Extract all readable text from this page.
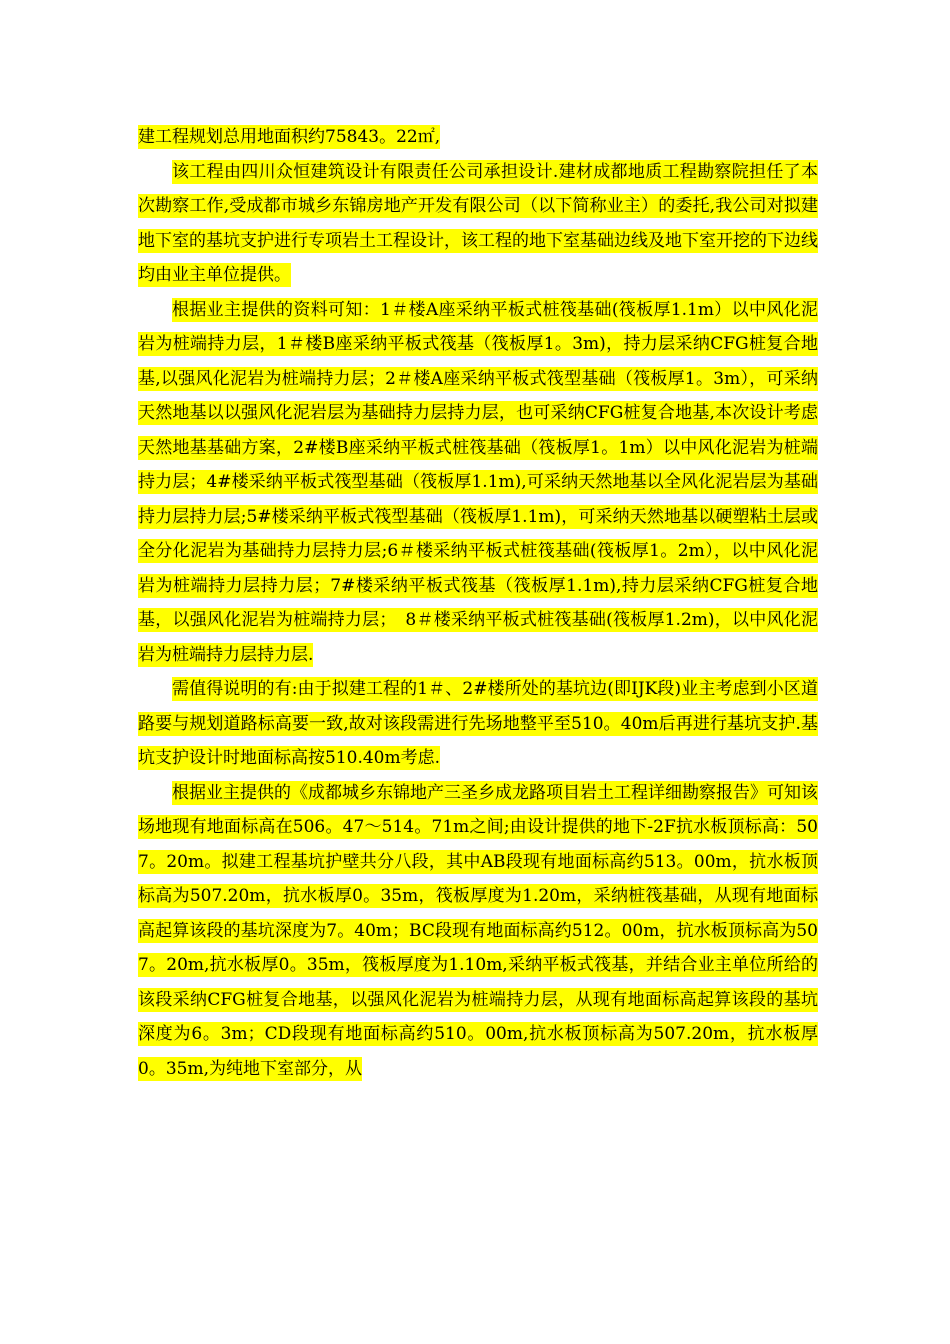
建工程规划总用地面积约75843。22㎡,

该工程由四川众恒建筑设计有限责任公司承担设计.建材成都地质工程勘察院担任了本次勘察工作,受成都市城乡东锦房地产开发有限公司（以下简称业主）的委托,我公司对拟建地下室的基坑支护进行专项岩土工程设计，该工程的地下室基础边线及地下室开挖的下边线均由业主单位提供。

根据业主提供的资料可知：1＃楼A座采纳平板式桩筏基础(筏板厚1.1m）以中风化泥岩为桩端持力层，1＃楼B座采纳平板式筏基（筏板厚1。3m)，持力层采纳CFG桩复合地基,以强风化泥岩为桩端持力层；2＃楼A座采纳平板式筏型基础（筏板厚1。3m），可采纳天然地基以以强风化泥岩层为基础持力层持力层，也可采纳CFG桩复合地基,本次设计考虑天然地基基础方案，2#楼B座采纳平板式桩筏基础（筏板厚1。1m）以中风化泥岩为桩端持力层；4#楼采纳平板式筏型基础（筏板厚1.1m),可采纳天然地基以全风化泥岩层为基础持力层持力层;5#楼采纳平板式筏型基础（筏板厚1.1m)，可采纳天然地基以硬塑粘土层或全分化泥岩为基础持力层持力层;6＃楼采纳平板式桩筏基础(筏板厚1。2m），以中风化泥岩为桩端持力层持力层；7#楼采纳平板式筏基（筏板厚1.1m),持力层采纳CFG桩复合地基，以强风化泥岩为桩端持力层；　8＃楼采纳平板式桩筏基础(筏板厚1.2m)，以中风化泥岩为桩端持力层持力层.

需值得说明的有:由于拟建工程的1＃、2#楼所处的基坑边(即IJK段)业主考虑到小区道路要与规划道路标高要一致,故对该段需进行先场地整平至510。40m后再进行基坑支护.基坑支护设计时地面标高按510.40m考虑.

根据业主提供的《成都城乡东锦地产三圣乡成龙路项目岩土工程详细勘察报告》可知该场地现有地面标高在506。47～514。71m之间;由设计提供的地下-2F抗水板顶标高：507。20m。拟建工程基坑护壁共分八段，其中AB段现有地面标高约513。00m，抗水板顶标高为507.20m，抗水板厚0。35m，筏板厚度为1.20m，采纳桩筏基础，从现有地面标高起算该段的基坑深度为7。40m；BC段现有地面标高约512。00m，抗水板顶标高为507。20m,抗水板厚0。35m，筏板厚度为1.10m,采纳平板式筏基，并结合业主单位所给的该段采纳CFG桩复合地基，以强风化泥岩为桩端持力层，从现有地面标高起算该段的基坑深度为6。3m；CD段现有地面标高约510。00m,抗水板顶标高为507.20m，抗水板厚0。35m,为纯地下室部分，从
